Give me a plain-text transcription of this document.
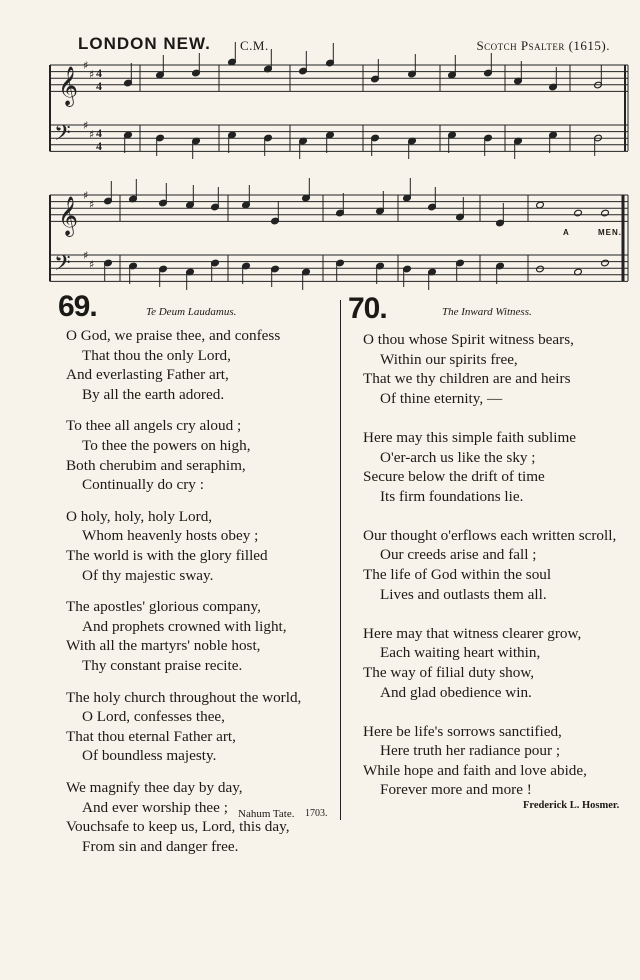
LONDON NEW. C.M.	Scotch Psalter (1615).
𝄞
𝄢
𝄞
𝄢
4
4
4
4
♯
♯
♯
♯
♯
♯
♯
♯
A	MEN.
69.	Te Deum Laudamus.
O God, we praise thee, and confess
That thou the only Lord,
And everlasting Father art,
By all the earth adored.
To thee all angels cry aloud ;
To thee the powers on high,
Both cherubim and seraphim,
Continually do cry :
O holy, holy, holy Lord,
Whom heavenly hosts obey ;
The world is with the glory filled
Of thy majestic sway.
The apostles' glorious company,
And prophets crowned with light,
With all the martyrs' noble host,
Thy constant praise recite.
The holy church throughout the world,
O Lord, confesses thee,
That thou eternal Father art,
Of boundless majesty.
We magnify thee day by day,
And ever worship thee ;
Vouchsafe to keep us, Lord, this day,
From sin and danger free.
Nahum Tate. 1703.
70.	The Inward Witness.
O thou whose Spirit witness bears,
Within our spirits free,
That we thy children are and heirs
Of thine eternity, —
Here may this simple faith sublime
O'er-arch us like the sky ;
Secure below the drift of time
Its firm foundations lie.
Our thought o'erflows each written scroll,
Our creeds arise and fall ;
The life of God within the soul
Lives and outlasts them all.
Here may that witness clearer grow,
Each waiting heart within,
The way of filial duty show,
And glad obedience win.
Here be life's sorrows sanctified,
Here truth her radiance pour ;
While hope and faith and love abide,
Forever more and more !
Frederick L. Hosmer.
